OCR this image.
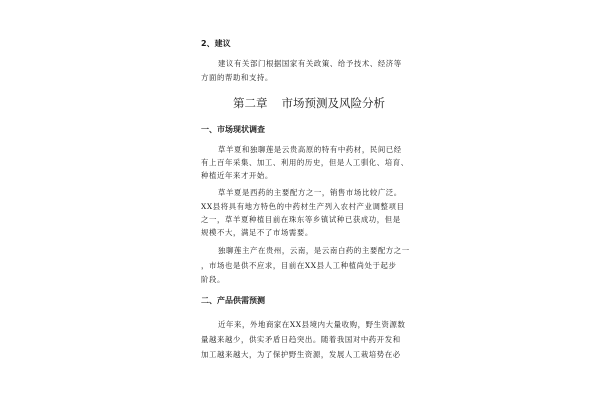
2、建议
建议有关部门根据国家有关政策、给予技术、经济等
方面的帮助和支持。
第二章 市场预测及风险分析
一、市场现状调查
草羊夏和独聊莲是云贵高原的特有中药材，民间已经
有上百年采集、加工、利用的历史，但是人工驯化、培育、
种植近年来才开始。
草羊夏是西药的主要配方之一，销售市场比较广泛。
XX县将具有地方特色的中药材生产列入农村产业调整项目
之一，草羊夏种植目前在珠东等乡镇试种已获成功，但是
规模不大，满足不了市场需要。
独聊莲主产在贵州，云南，是云南白药的主要配方之一
，市场也是供不应求，目前在XX县人工种植尚处于起步
阶段。
二、产品供需预测
近年来，外地商家在XX县境内大量收购，野生资源数
量越来越少，供实矛盾日趋突出。随着我国对中药开发和
加工越来越大，为了保护野生资源，发展人工栽培势在必
